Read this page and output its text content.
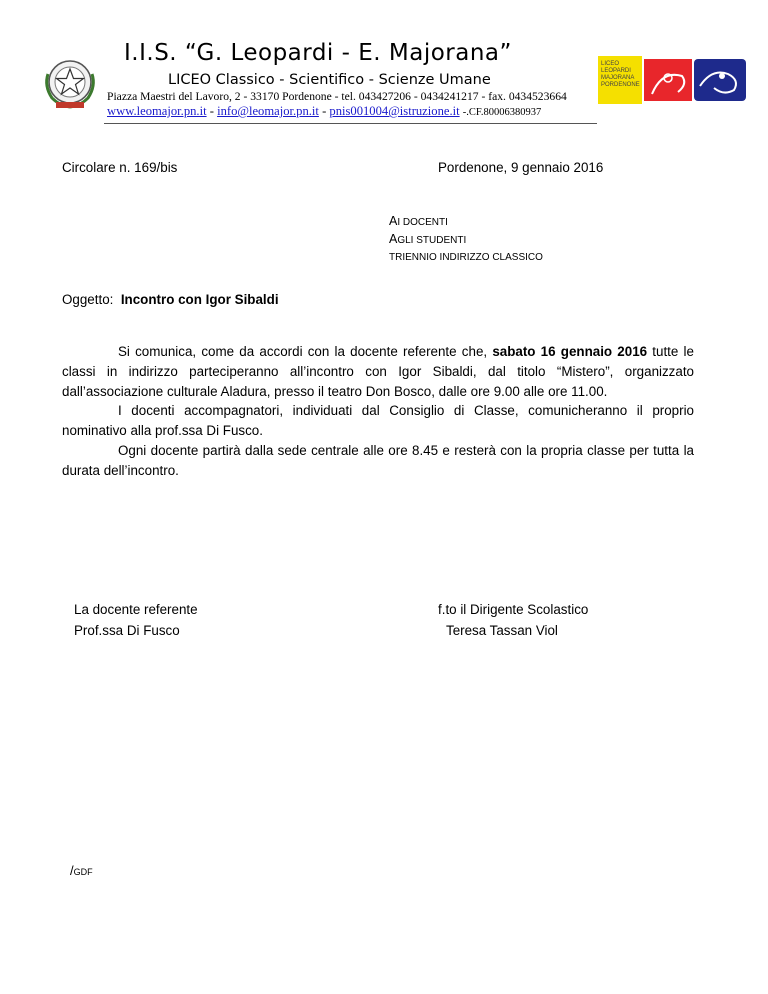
I.I.S. “G. Leopardi - E. Majorana”
LICEO Classico - Scientifico - Scienze Umane
Piazza Maestri del Lavoro, 2 - 33170 Pordenone - tel. 043427206 - 0434241217 - fax. 0434523664
www.leomajor.pn.it - info@leomajor.pn.it - pnis001004@istruzione.it -.CF.80006380937
LICEO
LEOPARDI
MAJORANA
PORDENONE
Circolare n. 169/bis	Pordenone, 9 gennaio 2016
AI DOCENTI
AGLI STUDENTI
TRIENNIO INDIRIZZO CLASSICO
Oggetto: Incontro con Igor Sibaldi
Si comunica, come da accordi con la docente referente che, sabato 16 gennaio 2016 tutte le classi in indirizzo parteciperanno all’incontro con Igor Sibaldi, dal titolo “Mistero”, organizzato dall’associazione culturale Aladura, presso il teatro Don Bosco, dalle ore 9.00 alle ore 11.00.
I docenti accompagnatori, individuati dal Consiglio di Classe, comunicheranno il proprio nominativo alla prof.ssa Di Fusco.
Ogni docente partirà dalla sede centrale alle ore 8.45 e resterà con la propria classe per tutta la durata dell’incontro.
La docente referente
Prof.ssa Di Fusco
f.to il Dirigente Scolastico
Teresa Tassan Viol
/GDF
